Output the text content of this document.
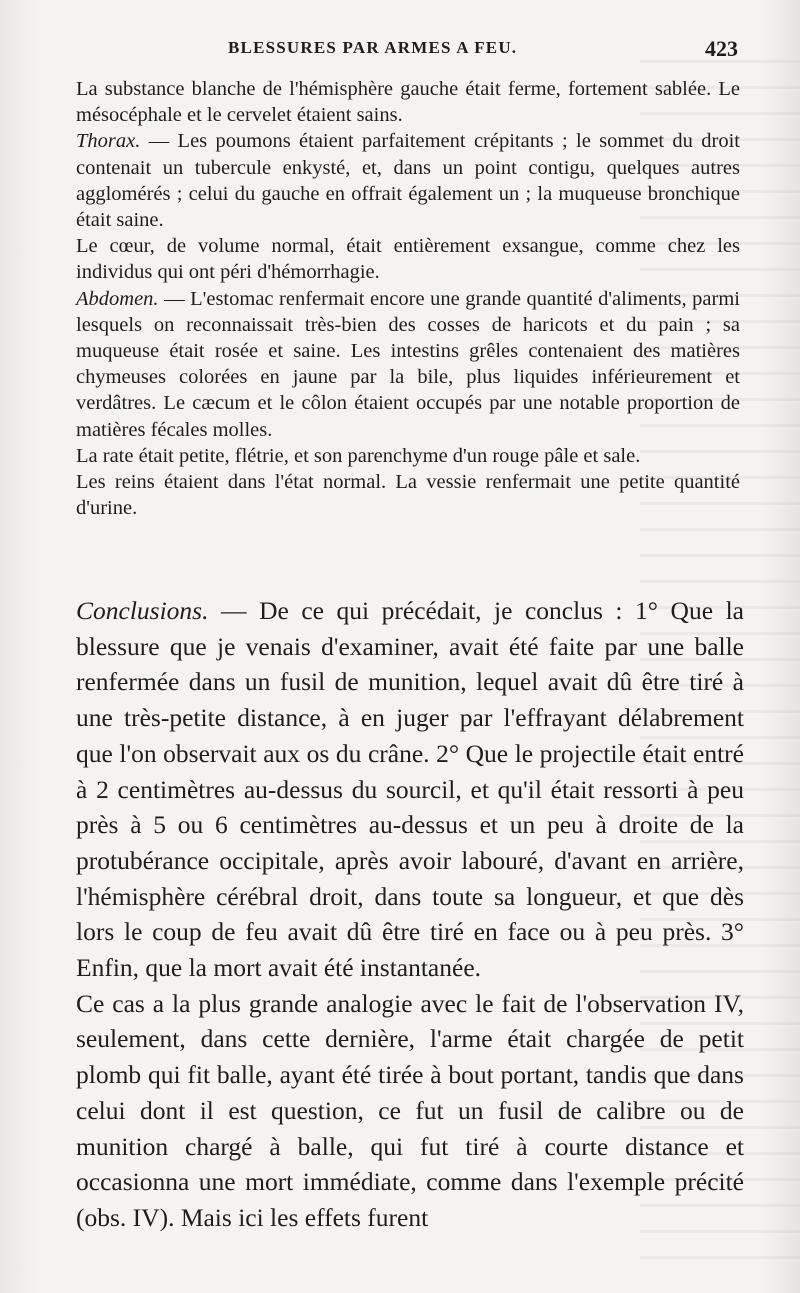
BLESSURES PAR ARMES A FEU.	423

La substance blanche de l'hémisphère gauche était ferme, fortement sablée. Le mésocéphale et le cervelet étaient sains.

Thorax. — Les poumons étaient parfaitement crépitants ; le sommet du droit contenait un tubercule enkysté, et, dans un point contigu, quelques autres agglomérés ; celui du gauche en offrait également un ; la muqueuse bronchique était saine.

Le cœur, de volume normal, était entièrement exsangue, comme chez les individus qui ont péri d'hémorrhagie.

Abdomen. — L'estomac renfermait encore une grande quantité d'aliments, parmi lesquels on reconnaissait très-bien des cosses de haricots et du pain ; sa muqueuse était rosée et saine. Les intestins grêles contenaient des matières chymeuses colorées en jaune par la bile, plus liquides inférieurement et verdâtres. Le cæcum et le côlon étaient occupés par une notable proportion de matières fécales molles.

La rate était petite, flétrie, et son parenchyme d'un rouge pâle et sale.

Les reins étaient dans l'état normal. La vessie renfermait une petite quantité d'urine.

Conclusions. — De ce qui précédait, je conclus : 1° Que la blessure que je venais d'examiner, avait été faite par une balle renfermée dans un fusil de munition, lequel avait dû être tiré à une très-petite distance, à en juger par l'effrayant délabrement que l'on observait aux os du crâne. 2° Que le projectile était entré à 2 centimètres au-dessus du sourcil, et qu'il était ressorti à peu près à 5 ou 6 centimètres au-dessus et un peu à droite de la protubérance occipitale, après avoir labouré, d'avant en arrière, l'hémisphère cérébral droit, dans toute sa longueur, et que dès lors le coup de feu avait dû être tiré en face ou à peu près. 3° Enfin, que la mort avait été instantanée.

Ce cas a la plus grande analogie avec le fait de l'observation IV, seulement, dans cette dernière, l'arme était chargée de petit plomb qui fit balle, ayant été tirée à bout portant, tandis que dans celui dont il est question, ce fut un fusil de calibre ou de munition chargé à balle, qui fut tiré à courte distance et occasionna une mort immédiate, comme dans l'exemple précité (obs. IV). Mais ici les effets furent
